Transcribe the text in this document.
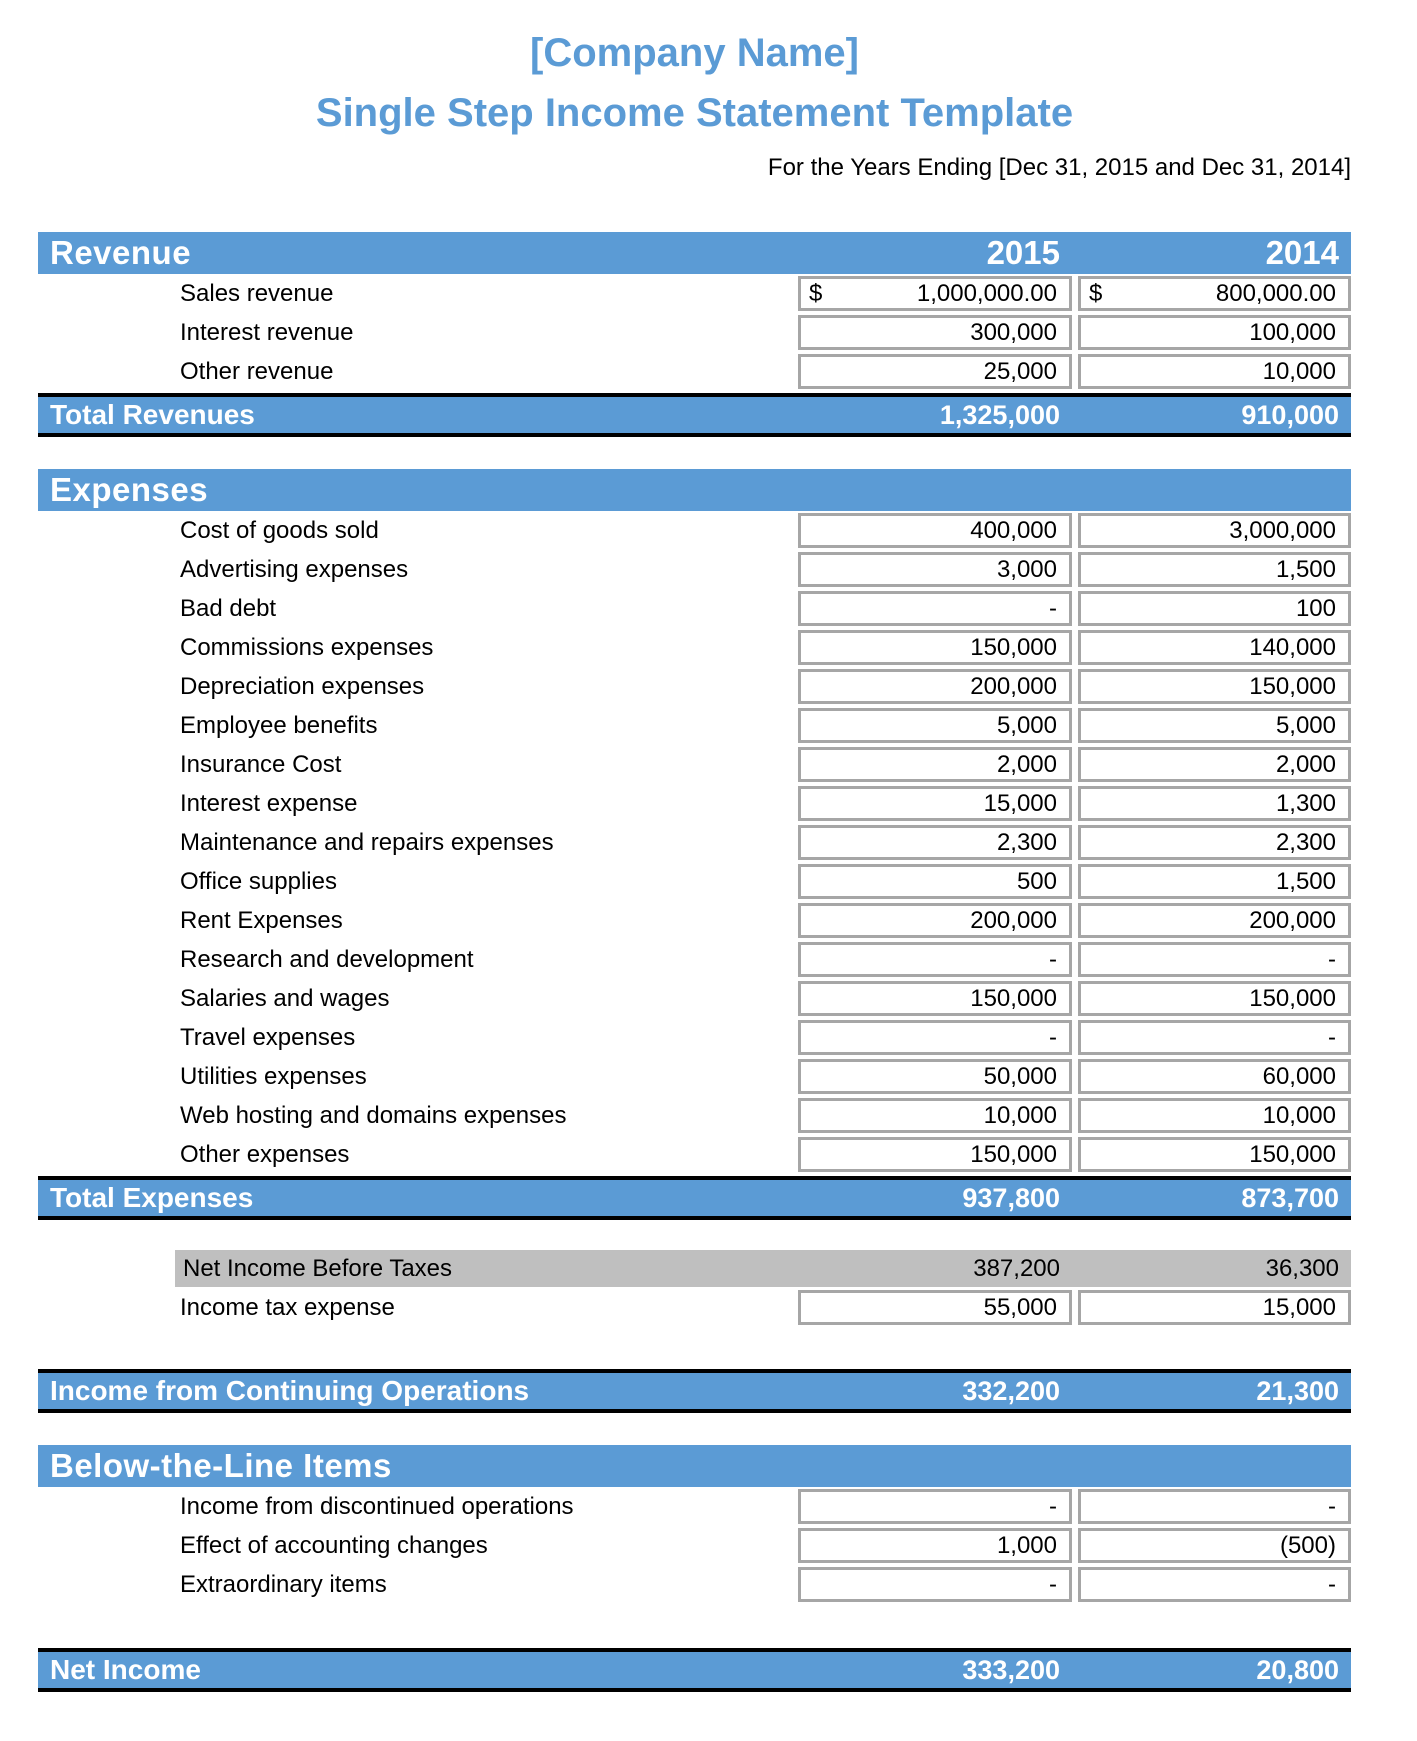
[Company Name]
Single Step Income Statement Template
For the Years Ending [Dec 31, 2015 and Dec 31, 2014]
Revenue	2015	2014
Sales revenue	$	1,000,000.00 $	800,000.00
Interest revenue	300,000	100,000
Other revenue	25,000	10,000
Total Revenues	1,325,000	910,000
Expenses
Cost of goods sold	400,000	3,000,000
Advertising expenses	3,000	1,500
Bad debt	-	100
Commissions expenses	150,000	140,000
Depreciation expenses	200,000	150,000
Employee benefits	5,000	5,000
Insurance Cost	2,000	2,000
Interest expense	15,000	1,300
Maintenance and repairs expenses	2,300	2,300
Office supplies	500	1,500
Rent Expenses	200,000	200,000
Research and development	-	-
Salaries and wages	150,000	150,000
Travel expenses	-	-
Utilities expenses	50,000	60,000
Web hosting and domains expenses	10,000	10,000
Other expenses	150,000	150,000
Total Expenses	937,800	873,700
Net Income Before Taxes	387,200	36,300
Income tax expense	55,000	15,000
Income from Continuing Operations	332,200	21,300
Below-the-Line Items
Income from discontinued operations	-	-
Effect of accounting changes	1,000	(500)
Extraordinary items	-	-
Net Income	333,200	20,800
